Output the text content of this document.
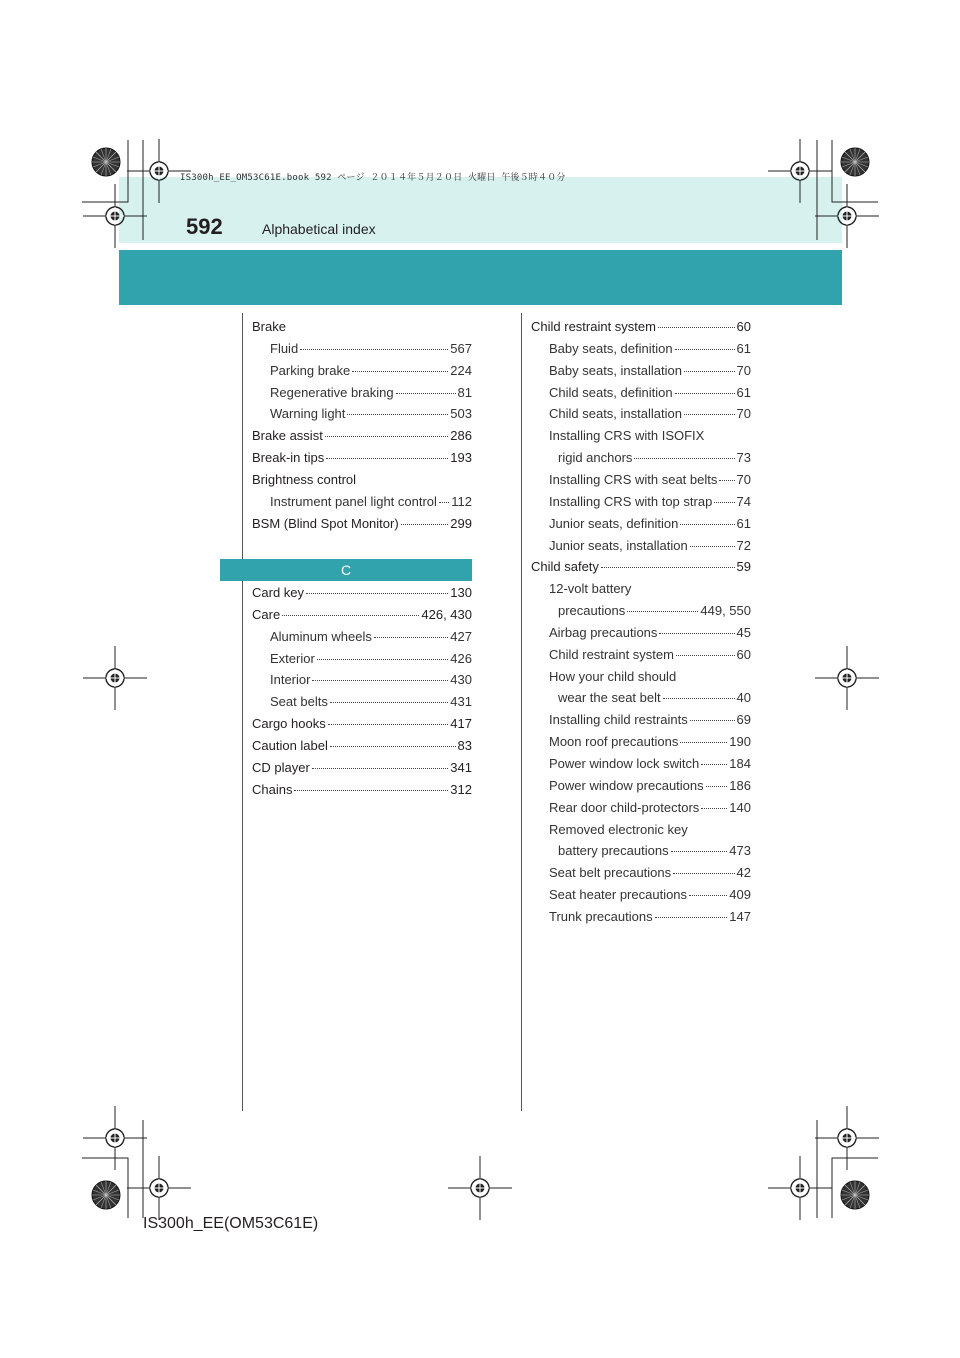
IS300h_EE_OM53C61E.book 592 ページ ２０１４年５月２０日 火曜日 午後５時４０分
592	Alphabetical index
C
Brake
Fluid	567
Parking brake	224
Regenerative braking	81
Warning light	503
Brake assist	286
Break-in tips	193
Brightness control
Instrument panel light control 112
BSM (Blind Spot Monitor)	299
Card key	130
Care	426, 430
Aluminum wheels	427
Exterior	426
Interior	430
Seat belts	431
Cargo hooks	417
Caution label	83
CD player	341
Chains	312
Child restraint system	60
Baby seats, definition	61
Baby seats, installation	70
Child seats, definition	61
Child seats, installation	70
Installing CRS with ISOFIX
rigid anchors	73
Installing CRS with seat belts 70
Installing CRS with top strap 74
Junior seats, definition	61
Junior seats, installation	72
Child safety	59
12-volt battery
precautions	449, 550
Airbag precautions	45
Child restraint system	60
How your child should
wear the seat belt	40
Installing child restraints	69
Moon roof precautions	190
Power window lock switch 184
Power window precautions 186
Rear door child-protectors 140
Removed electronic key
battery precautions	473
Seat belt precautions	42
Seat heater precautions	409
Trunk precautions	147
IS300h_EE(OM53C61E)
